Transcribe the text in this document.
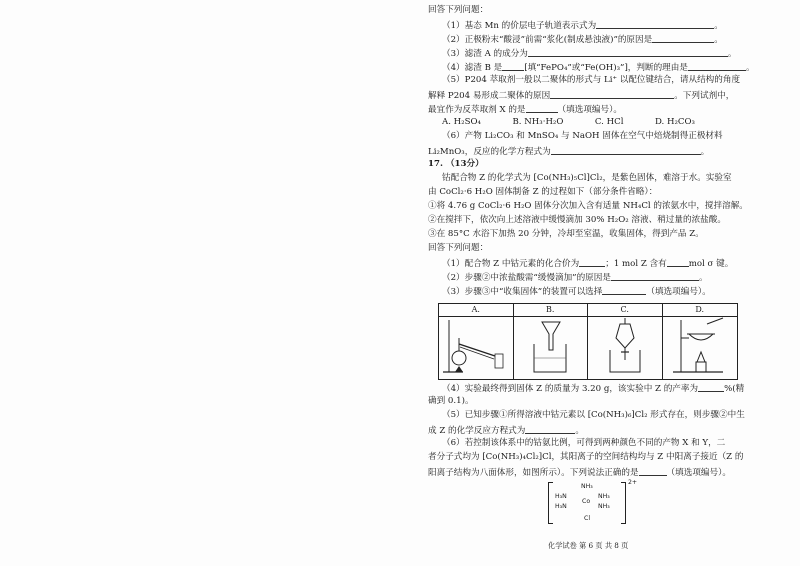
回答下列问题：
（1）基态 Mn 的价层电子轨道表示式为	。
（2）正极粉末“酸浸”前需“浆化(制成悬浊液)”的原因是	。
（3）滤渣 A 的成分为	。
（4）滤渣 B 是	[填“FePO₄”或“Fe(OH)₃”]，判断的理由是	。
（5）P204 萃取剂一般以二聚体的形式与 Li⁺ 以配位键结合，请从结构的角度
解释 P204 易形成二聚体的原因	。下列试剂中，
最宜作为反萃取剂 X 的是	（填选项编号）。
A. H₂SO₄	B. NH₃·H₂O	C. HCl	D. H₂CO₃
（6）产物 Li₂CO₃ 和 MnSO₄ 与 NaOH 固体在空气中焙烧制得正极材料
Li₂MnO₃，反应的化学方程式为	。
17. （13分）
钴配合物 Z 的化学式为 [Co(NH₃)₅Cl]Cl₂，是紫色固体，难溶于水。实验室
由 CoCl₂·6 H₂O 固体制备 Z 的过程如下（部分条件省略）：
①将 4.76 g CoCl₂·6 H₂O 固体分次加入含有适量 NH₄Cl 的浓氨水中，搅拌溶解。
②在搅拌下，依次向上述溶液中缓慢滴加 30% H₂O₂ 溶液、稍过量的浓盐酸。
③在 85°C 水浴下加热 20 分钟，冷却至室温，收集固体，得到产品 Z。
回答下列问题：
（1）配合物 Z 中钴元素的化合价为	；1 mol Z 含有	mol σ 键。
（2）步骤②中浓盐酸需“缓慢滴加”的原因是	。
（3）步骤③中“收集固体”的装置可以选择	（填选项编号）。
（4）实验最终得到固体 Z 的质量为 3.20 g，该实验中 Z 的产率为	%(精
确到 0.1)。
（5）已知步骤①所得溶液中钴元素以 [Co(NH₃)₆]Cl₂ 形式存在，则步骤②中生
成 Z 的化学反应方程式为	。
（6）若控制该体系中的钴氨比例，可得到两种颜色不同的产物 X 和 Y，二
者分子式均为 [Co(NH₃)₄Cl₂]Cl，其阳离子的空间结构均与 Z 中阳离子接近（Z 的
阳离子结构为八面体形，如图所示）。下列说法正确的是	（填选项编号）。
A.	B.	C.	D.
NH₃
H₃N
H₃N
Co
NH₃
NH₃
Cl
2+
化学试卷 第 6 页 共 8 页
